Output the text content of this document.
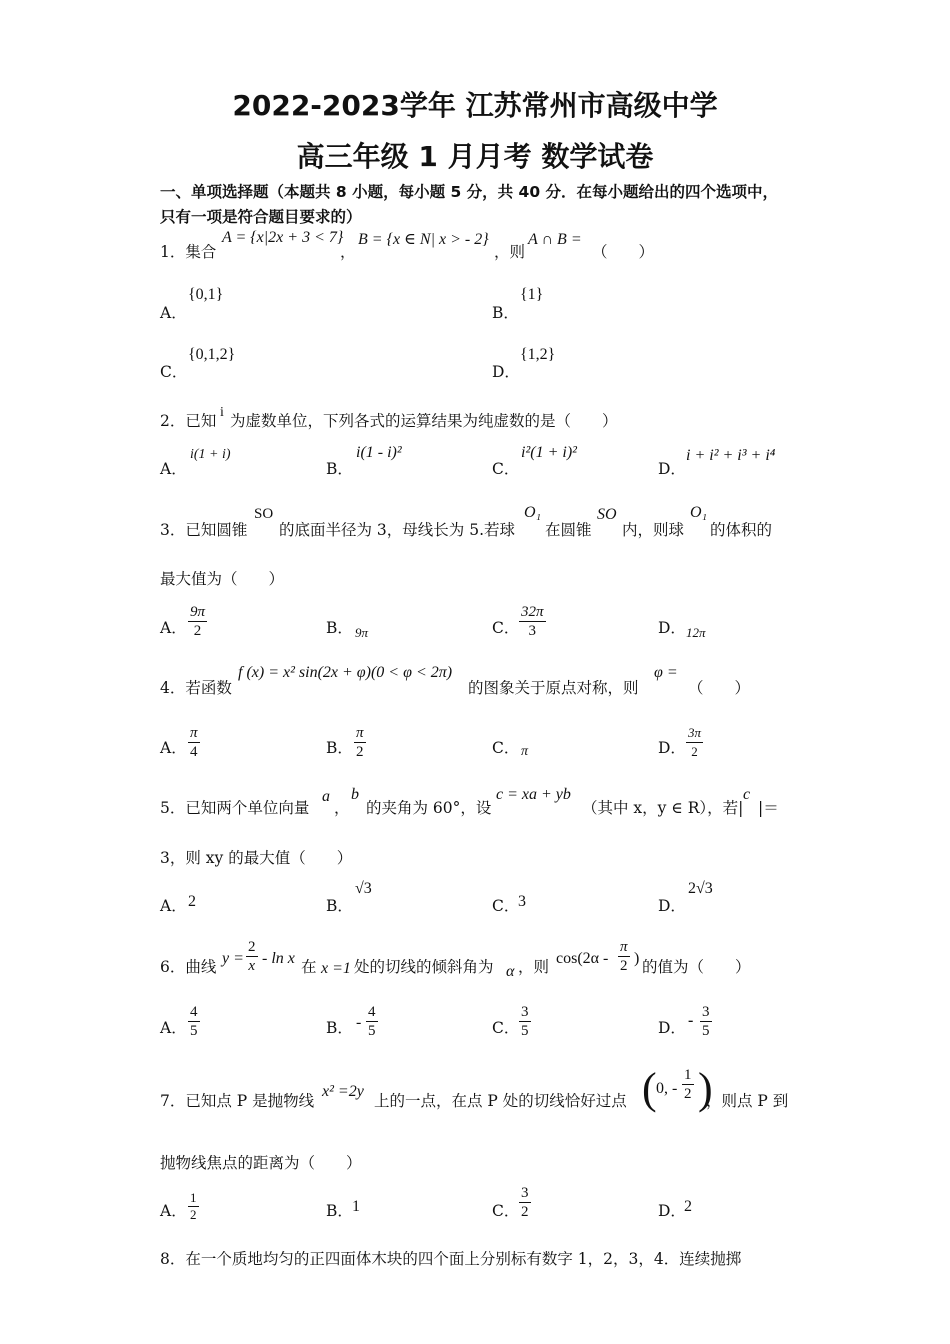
2022-2023学年 江苏常州市高级中学
高三年级 1 月月考 数学试卷
一、单项选择题（本题共 8 小题，每小题 5 分，共 40 分．在每小题给出的四个选项中，
只有一项是符合题目要求的）
1．集合
A = {x|2x + 3 < 7}
，
B = {x ∈ N| x > - 2}
，则
A ∩ B =
（　　）
A．
{0,1}
B．
{1}
C．
{0,1,2}
D．
{1,2}
2．已知 i 为虚数单位，下列各式的运算结果为纯虚数的是（　　）
A．
i(1 + i)
B．
i(1 - i)²
C．
i²(1 + i)²
D．
i + i² + i³ + i⁴
3．已知圆锥
SO
的底面半径为 3，母线长为 5.若球
O₁
在圆锥
SO
内，则球
O₁
的体积的
最大值为（　　）
A． $\frac{9\pi}{2}$	B． 9π	C． $\frac{32\pi}{3}$	D． 12π
4．若函数
f (x) = x² sin(2x + φ)(0 < φ < 2π)
的图象关于原点对称，则
φ =
（　　）
A． $\frac{\pi}{4}$	B． $\frac{\pi}{2}$	C． π	D． $\frac{3\pi}{2}$
5．已知两个单位向量
a
，
b
的夹角为 60°，设
c = xa + yb
（其中 x，y ∈ R），若|
c
|＝
3，则 xy 的最大值（　　）
A． 2	B．
√3
C．
3	D．
2√3
6．曲线 $y = \frac{2}{x} - \ln x$ 在 x =1 处的切线的倾斜角为 α ，则 $\cos(2\alpha - \frac{\pi}{2}$ ) 的值为（　　）
A． $\frac{4}{5}$	B． - $\frac{4}{5}$	C． $\frac{3}{5}$	D． - $\frac{3}{5}$
7．已知点 P 是抛物线
x² =2y
上的一点，在点 P 处的切线恰好过点 ( 0, - $\frac{1}{2}$ )
，则点 P 到
抛物线焦点的距离为（　　）
A． $\frac{1}{2}$	B． 1	C． $\frac{3}{2}$	D．
2
8．在一个质地均匀的正四面体木块的四个面上分别标有数字 1，2，3，4．连续抛掷
